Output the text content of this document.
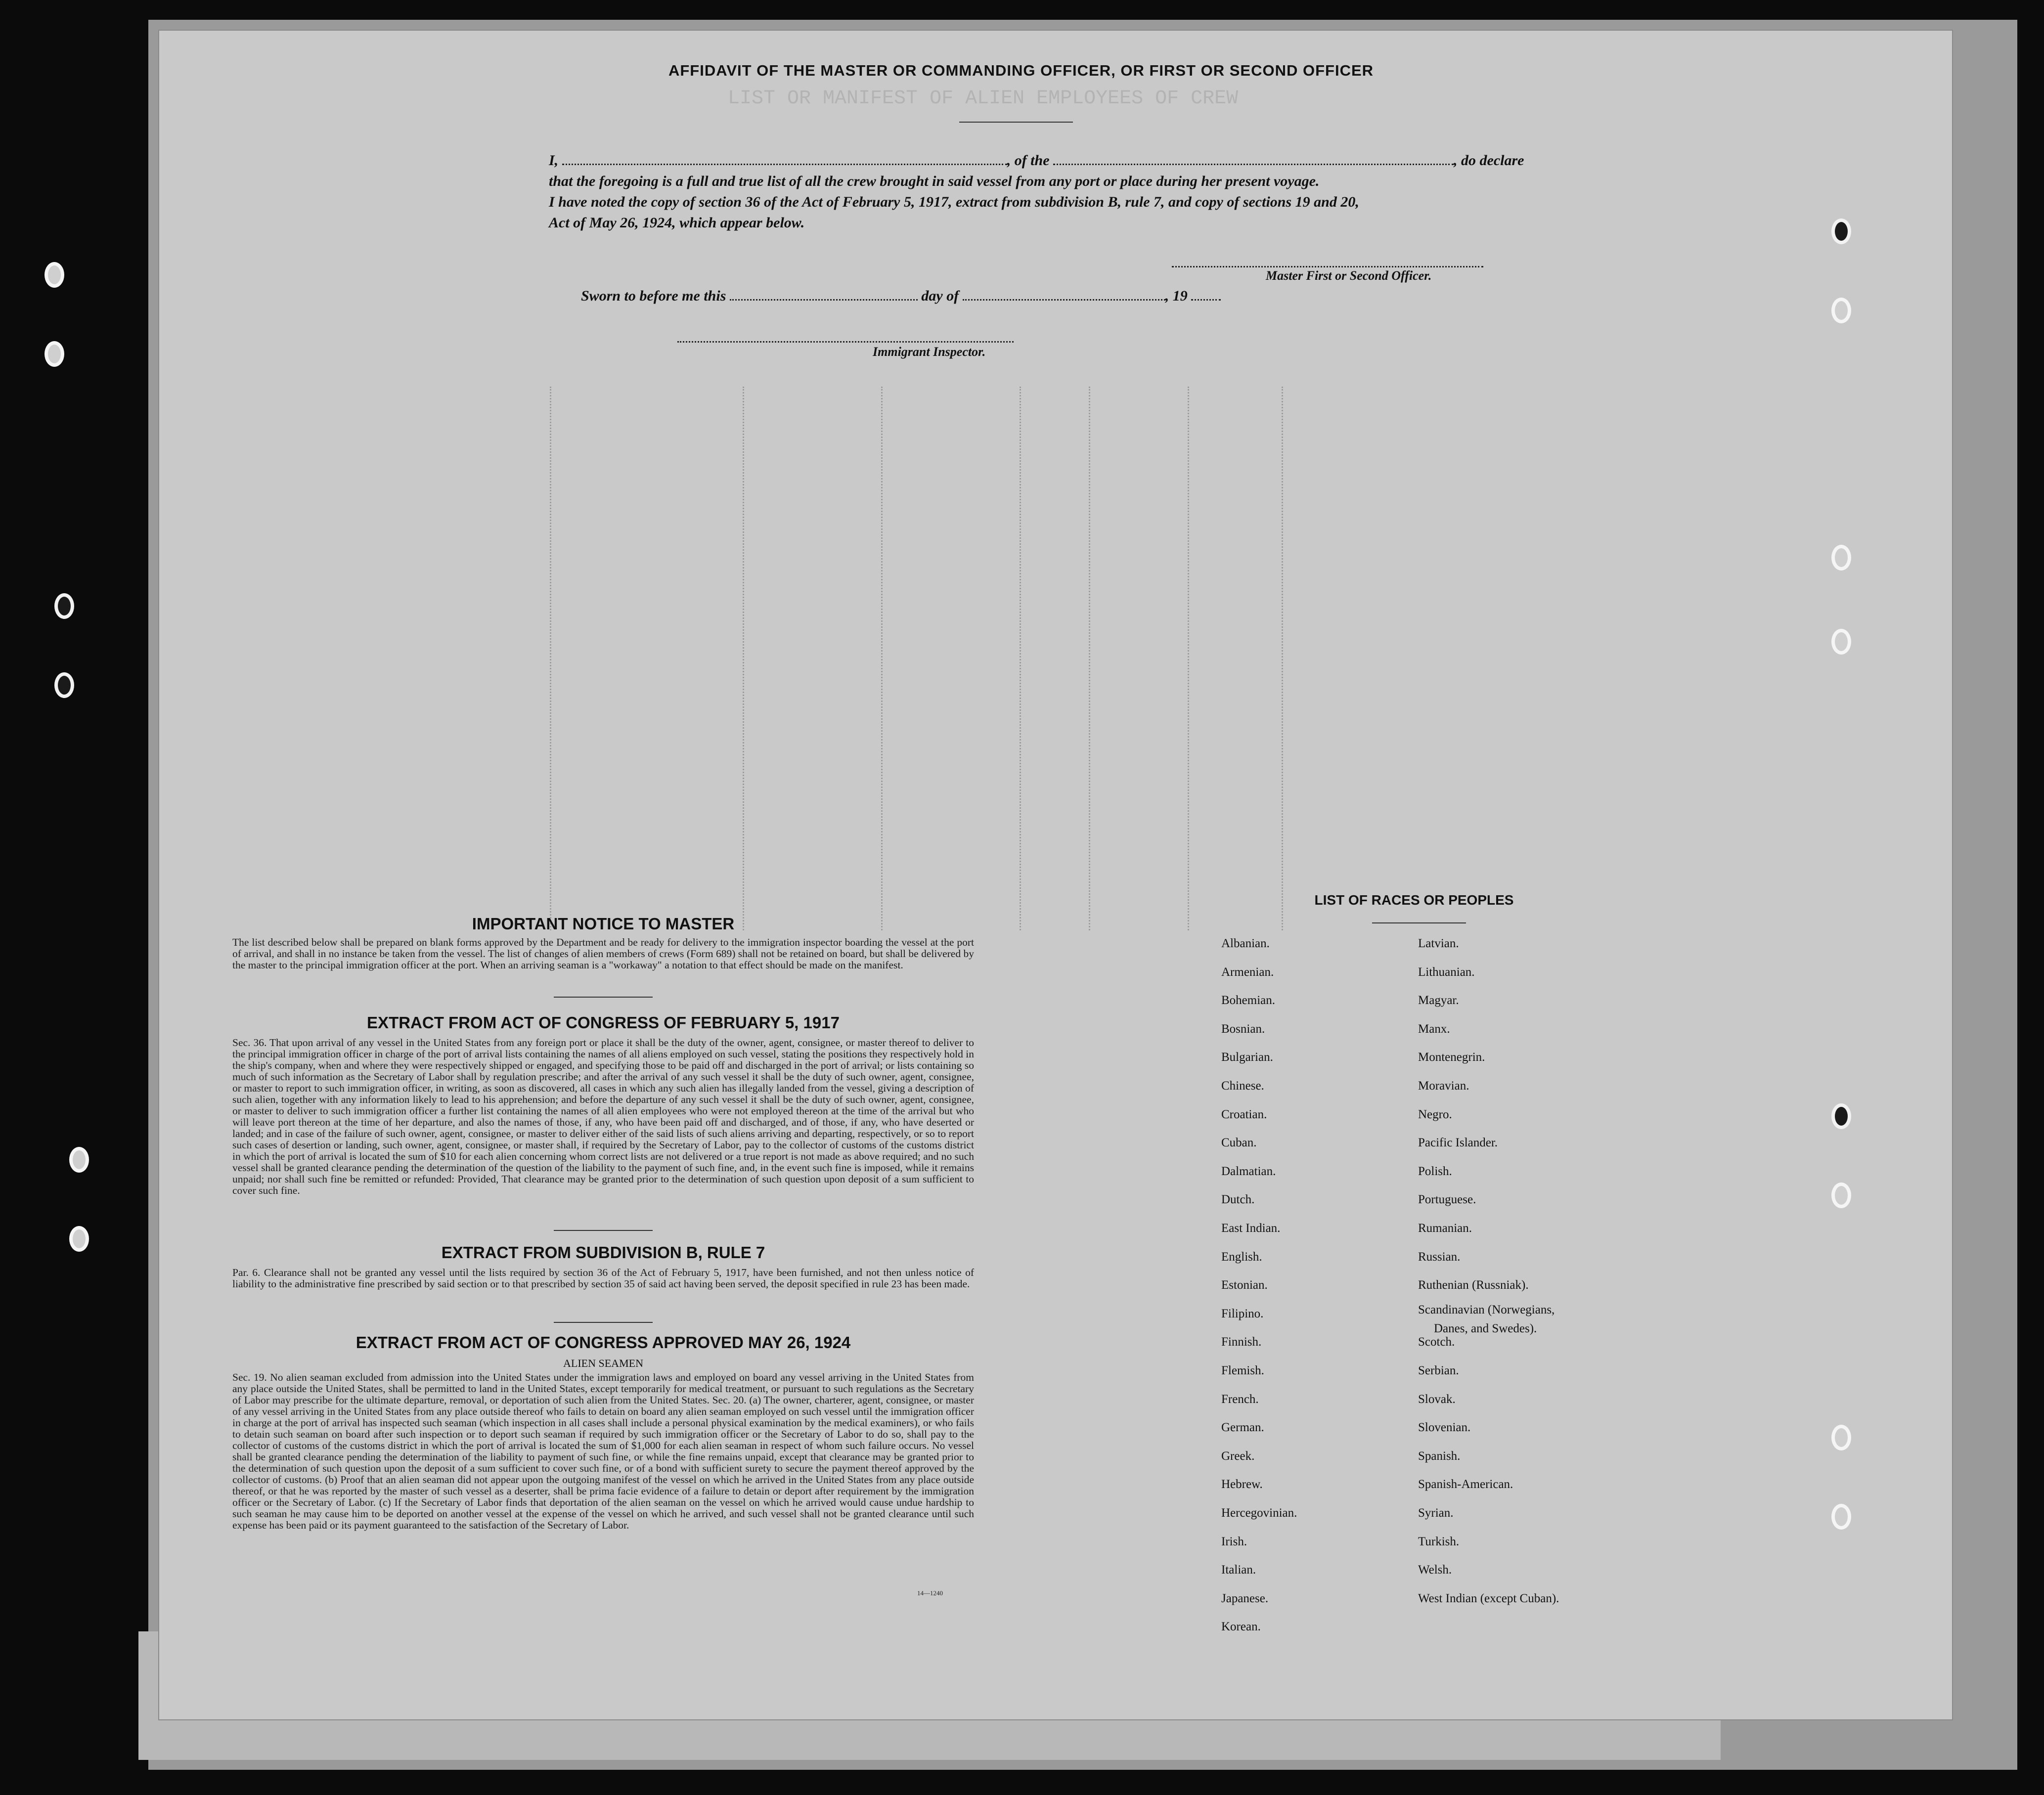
LIST OR MANIFEST OF ALIEN EMPLOYEES OF CREW
AFFIDAVIT OF THE MASTER OR COMMANDING OFFICER, OR FIRST OR SECOND OFFICER
I,	, of the	, do declare
that the foregoing is a full and true list of all the crew brought in said vessel from any port or place during her present voyage.
I have noted the copy of section 36 of the Act of February 5, 1917, extract from subdivision B, rule 7, and copy of sections 19 and 20,
Act of May 26, 1924, which appear below.
Master First or Second Officer.
Sworn to before me this	day of	, 19
Immigrant Inspector.
IMPORTANT NOTICE TO MASTER
The list described below shall be prepared on blank forms approved by the Department and be ready for delivery to the immigration inspector boarding the vessel at the port of arrival, and shall in no instance be taken from the vessel. The list of changes of alien members of crews (Form 689) shall not be retained on board, but shall be delivered by the master to the principal immigration officer at the port. When an arriving seaman is a "workaway" a notation to that effect should be made on the manifest.
EXTRACT FROM ACT OF CONGRESS OF FEBRUARY 5, 1917
Sec. 36. That upon arrival of any vessel in the United States from any foreign port or place it shall be the duty of the owner, agent, consignee, or master thereof to deliver to the principal immigration officer in charge of the port of arrival lists containing the names of all aliens employed on such vessel, stating the positions they respectively hold in the ship's company, when and where they were respectively shipped or engaged, and specifying those to be paid off and discharged in the port of arrival; or lists containing so much of such information as the Secretary of Labor shall by regulation prescribe; and after the arrival of any such vessel it shall be the duty of such owner, agent, consignee, or master to report to such immigration officer, in writing, as soon as discovered, all cases in which any such alien has illegally landed from the vessel, giving a description of such alien, together with any information likely to lead to his apprehension; and before the departure of any such vessel it shall be the duty of such owner, agent, consignee, or master to deliver to such immigration officer a further list containing the names of all alien employees who were not employed thereon at the time of the arrival but who will leave port thereon at the time of her departure, and also the names of those, if any, who have been paid off and discharged, and of those, if any, who have deserted or landed; and in case of the failure of such owner, agent, consignee, or master to deliver either of the said lists of such aliens arriving and departing, respectively, or so to report such cases of desertion or landing, such owner, agent, consignee, or master shall, if required by the Secretary of Labor, pay to the collector of customs of the customs district in which the port of arrival is located the sum of $10 for each alien concerning whom correct lists are not delivered or a true report is not made as above required; and no such vessel shall be granted clearance pending the determination of the question of the liability to the payment of such fine, and, in the event such fine is imposed, while it remains unpaid; nor shall such fine be remitted or refunded: Provided, That clearance may be granted prior to the determination of such question upon deposit of a sum sufficient to cover such fine.
EXTRACT FROM SUBDIVISION B, RULE 7
Par. 6. Clearance shall not be granted any vessel until the lists required by section 36 of the Act of February 5, 1917, have been furnished, and not then unless notice of liability to the administrative fine prescribed by said section or to that prescribed by section 35 of said act having been served, the deposit specified in rule 23 has been made.
EXTRACT FROM ACT OF CONGRESS APPROVED MAY 26, 1924
ALIEN SEAMEN
Sec. 19. No alien seaman excluded from admission into the United States under the immigration laws and employed on board any vessel arriving in the United States from any place outside the United States, shall be permitted to land in the United States, except temporarily for medical treatment, or pursuant to such regulations as the Secretary of Labor may prescribe for the ultimate departure, removal, or deportation of such alien from the United States. Sec. 20. (a) The owner, charterer, agent, consignee, or master of any vessel arriving in the United States from any place outside thereof who fails to detain on board any alien seaman employed on such vessel until the immigration officer in charge at the port of arrival has inspected such seaman (which inspection in all cases shall include a personal physical examination by the medical examiners), or who fails to detain such seaman on board after such inspection or to deport such seaman if required by such immigration officer or the Secretary of Labor to do so, shall pay to the collector of customs of the customs district in which the port of arrival is located the sum of $1,000 for each alien seaman in respect of whom such failure occurs. No vessel shall be granted clearance pending the determination of the liability to payment of such fine, or while the fine remains unpaid, except that clearance may be granted prior to the determination of such question upon the deposit of a sum sufficient to cover such fine, or of a bond with sufficient surety to secure the payment thereof approved by the collector of customs. (b) Proof that an alien seaman did not appear upon the outgoing manifest of the vessel on which he arrived in the United States from any place outside thereof, or that he was reported by the master of such vessel as a deserter, shall be prima facie evidence of a failure to detain or deport after requirement by the immigration officer or the Secretary of Labor. (c) If the Secretary of Labor finds that deportation of the alien seaman on the vessel on which he arrived would cause undue hardship to such seaman he may cause him to be deported on another vessel at the expense of the vessel on which he arrived, and such vessel shall not be granted clearance until such expense has been paid or its payment guaranteed to the satisfaction of the Secretary of Labor.
14—1240
LIST OF RACES OR PEOPLES
Albanian.
Armenian.
Bohemian.
Bosnian.
Bulgarian.
Chinese.
Croatian.
Cuban.
Dalmatian.
Dutch.
East Indian.
English.
Estonian.
Filipino.
Finnish.
Flemish.
French.
German.
Greek.
Hebrew.
Hercegovinian.
Irish.
Italian.
Japanese.
Korean.
Latvian.
Lithuanian.
Magyar.
Manx.
Montenegrin.
Moravian.
Negro.
Pacific Islander.
Polish.
Portuguese.
Rumanian.
Russian.
Ruthenian (Russniak).
Scandinavian (Norwegians,
Danes, and Swedes).
Scotch.
Serbian.
Slovak.
Slovenian.
Spanish.
Spanish-American.
Syrian.
Turkish.
Welsh.
West Indian (except Cuban).
